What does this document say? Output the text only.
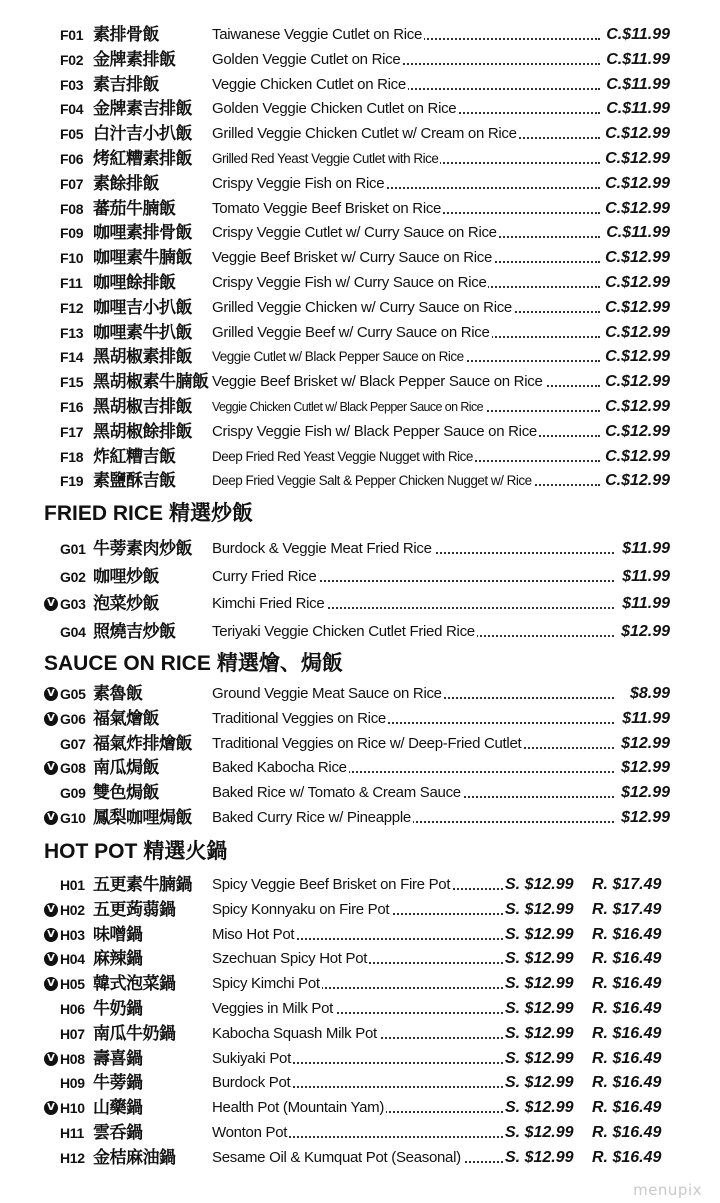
F01 素排骨飯	Taiwanese Veggie Cutlet on Rice	C.$11.99
F02 金牌素排飯	Golden Veggie Cutlet on Rice	C.$11.99
F03 素吉排飯	Veggie Chicken Cutlet on Rice	C.$11.99
F04 金牌素吉排飯	Golden Veggie Chicken Cutlet on Rice	C.$11.99
F05 白汁吉小扒飯	Grilled Veggie Chicken Cutlet w/ Cream on Rice	C.$12.99
F06 烤紅糟素排飯	Grilled Red Yeast Veggie Cutlet with Rice	C.$12.99
F07 素餘排飯	Crispy Veggie Fish on Rice	C.$12.99
F08 蕃茄牛腩飯	Tomato Veggie Beef Brisket on Rice	C.$12.99
F09 咖哩素排骨飯	Crispy Veggie Cutlet w/ Curry Sauce on Rice	C.$11.99
F10 咖哩素牛腩飯	Veggie Beef Brisket w/ Curry Sauce on Rice	C.$12.99
F11 咖哩餘排飯	Crispy Veggie Fish w/ Curry Sauce on Rice	C.$12.99
F12 咖哩吉小扒飯	Grilled Veggie Chicken w/ Curry Sauce on Rice	C.$12.99
F13 咖哩素牛扒飯	Grilled Veggie Beef w/ Curry Sauce on Rice	C.$12.99
F14 黑胡椒素排飯	Veggie Cutlet w/ Black Pepper Sauce on Rice	C.$12.99
F15 黑胡椒素牛腩飯 Veggie Beef Brisket w/ Black Pepper Sauce on Rice	C.$12.99
F16 黑胡椒吉排飯	Veggie Chicken Cutlet w/ Black Pepper Sauce on Rice	C.$12.99
F17 黑胡椒餘排飯	Crispy Veggie Fish w/ Black Pepper Sauce on Rice	C.$12.99
F18 炸紅糟吉飯	Deep Fried Red Yeast Veggie Nugget with Rice	C.$12.99
F19 素鹽酥吉飯	Deep Fried Veggie Salt & Pepper Chicken Nugget w/ Rice	C.$12.99
FRIED RICE 精選炒飯
G01 牛蒡素肉炒飯	Burdock & Veggie Meat Fried Rice	$11.99
G02 咖哩炒飯	Curry Fried Rice	$11.99
V G03 泡菜炒飯	Kimchi Fried Rice	$11.99
G04 照燒吉炒飯	Teriyaki Veggie Chicken Cutlet Fried Rice	$12.99
SAUCE ON RICE 精選燴、焗飯
V G05 素魯飯	Ground Veggie Meat Sauce on Rice	$8.99
V G06 福氣燴飯	Traditional Veggies on Rice	$11.99
G07 福氣炸排燴飯	Traditional Veggies on Rice w/ Deep-Fried Cutlet	$12.99
V G08 南瓜焗飯	Baked Kabocha Rice	$12.99
G09 雙色焗飯	Baked Rice w/ Tomato & Cream Sauce	$12.99
V G10 鳳梨咖哩焗飯	Baked Curry Rice w/ Pineapple	$12.99
HOT POT 精選火鍋
H01 五更素牛腩鍋	Spicy Veggie Beef Brisket on Fire Pot	S. $12.99 R. $17.49
V H02 五更蒟蒻鍋	Spicy Konnyaku on Fire Pot	S. $12.99 R. $17.49
V H03 味噌鍋	Miso Hot Pot	S. $12.99 R. $16.49
V H04 麻辣鍋	Szechuan Spicy Hot Pot	S. $12.99 R. $16.49
V H05 韓式泡菜鍋	Spicy Kimchi Pot	S. $12.99 R. $16.49
H06 牛奶鍋	Veggies in Milk Pot	S. $12.99 R. $16.49
H07 南瓜牛奶鍋	Kabocha Squash Milk Pot	S. $12.99 R. $16.49
V H08 壽喜鍋	Sukiyaki Pot	S. $12.99 R. $16.49
H09 牛蒡鍋	Burdock Pot	S. $12.99 R. $16.49
V H10 山藥鍋	Health Pot (Mountain Yam)	S. $12.99 R. $16.49
H11 雲呑鍋	Wonton Pot	S. $12.99 R. $16.49
H12 金桔麻油鍋	Sesame Oil & Kumquat Pot (Seasonal)	S. $12.99 R. $16.49
menupix
